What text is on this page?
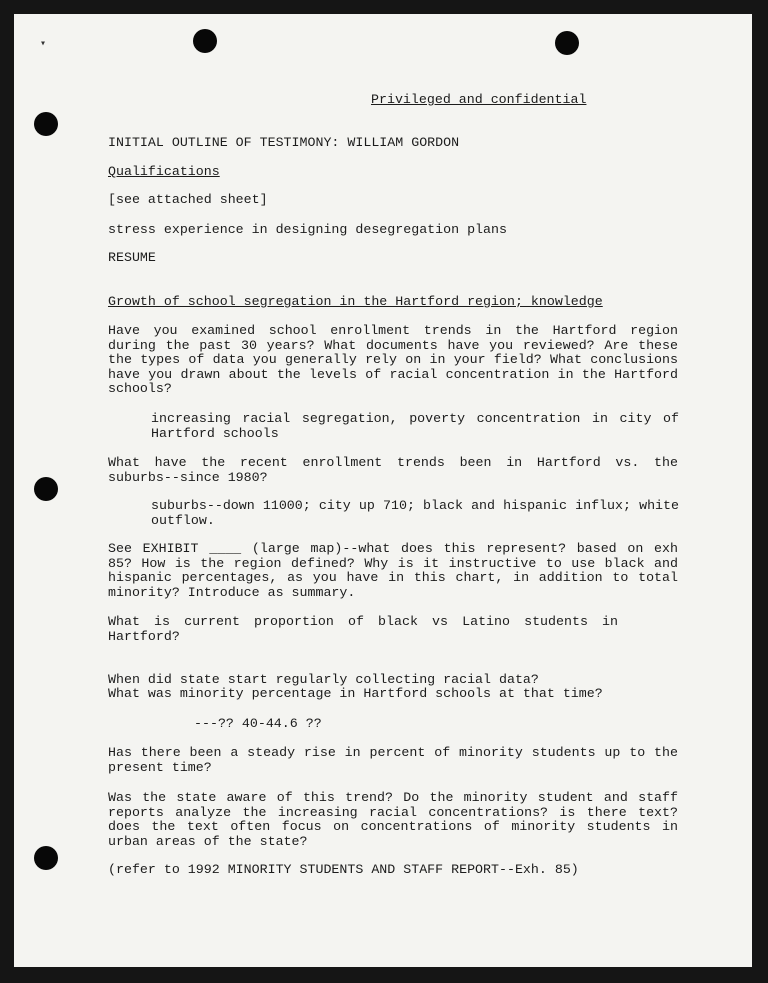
▾

Privileged and confidential

INITIAL OUTLINE OF TESTIMONY: WILLIAM GORDON

Qualifications

[see attached sheet]

stress experience in designing desegregation plans

RESUME

Growth of school segregation in the Hartford region; knowledge

Have you examined school enrollment trends in the Hartford region during the past 30 years? What documents have you reviewed? Are these the types of data you generally rely on in your field? What conclusions have you drawn about the levels of racial concentration in the Hartford schools?

increasing racial segregation, poverty concentration in city of Hartford schools

What have the recent enrollment trends been in Hartford vs. the suburbs--since 1980?

suburbs--down 11000; city up 710; black and hispanic influx; white outflow.

See EXHIBIT ____ (large map)--what does this represent? based on exh 85? How is the region defined? Why is it instructive to use black and hispanic percentages, as you have in this chart, in addition to total minority? Introduce as summary.

What is current proportion of black vs Latino students in Hartford?

When did state start regularly collecting racial data?

What was minority percentage in Hartford schools at that time?

---?? 40-44.6 ??

Has there been a steady rise in percent of minority students up to the present time?

Was the state aware of this trend? Do the minority student and staff reports analyze the increasing racial concentrations? is there text? does the text often focus on concentrations of minority students in urban areas of the state?

(refer to 1992 MINORITY STUDENTS AND STAFF REPORT--Exh. 85)
